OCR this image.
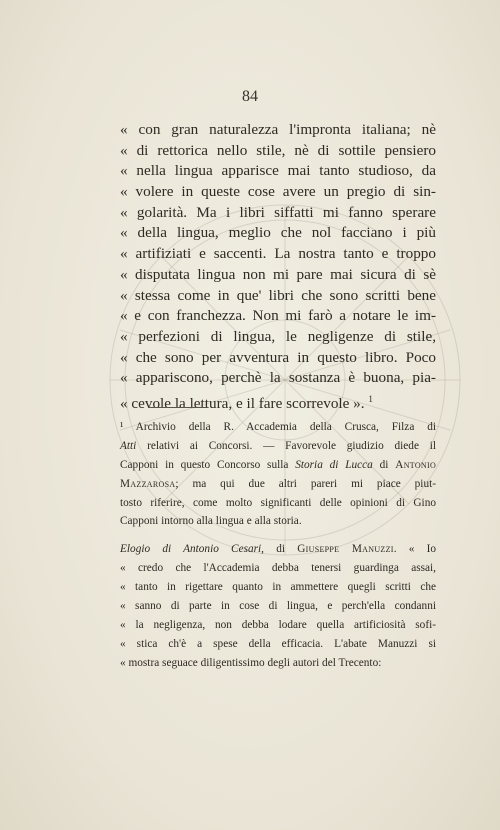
84
« con gran naturalezza l'impronta italiana; nè
« di rettorica nello stile, nè di sottile pensiero
« nella lingua apparisce mai tanto studioso, da
« volere in queste cose avere un pregio di sin-
« golarità. Ma i libri siffatti mi fanno sperare
« della lingua, meglio che nol facciano i più
« artifiziati e saccenti. La nostra tanto e troppo
« disputata lingua non mi pare mai sicura di sè
« stessa come in que' libri che sono scritti bene
« e con franchezza. Non mi farò a notare le im-
« perfezioni di lingua, le negligenze di stile,
« che sono per avventura in questo libro. Poco
« appariscono, perchè la sostanza è buona, pia-
« cevole la lettura, e il fare scorrevole ». $^1$
¹ Archivio della R. Accademia della Crusca, Filza di
Atti relativi ai Concorsi. — Favorevole giudizio diede il
Capponi in questo Concorso sulla Storia di Lucca di Antonio
Mazzarosa; ma qui due altri pareri mi piace piut-
tosto riferire, come molto significanti delle opinioni di Gino
Capponi intorno alla lingua e alla storia.
Elogio di Antonio Cesari, di Giuseppe Manuzzi. « Io
« credo che l'Accademia debba tenersi guardinga assai,
« tanto in rigettare quanto in ammettere quegli scritti che
« sanno di parte in cose di lingua, e perch'ella condanni
« la negligenza, non debba lodare quella artificiosità sofi-
« stica ch'è a spese della efficacia. L'abate Manuzzi si
« mostra seguace diligentissimo degli autori del Trecento:
